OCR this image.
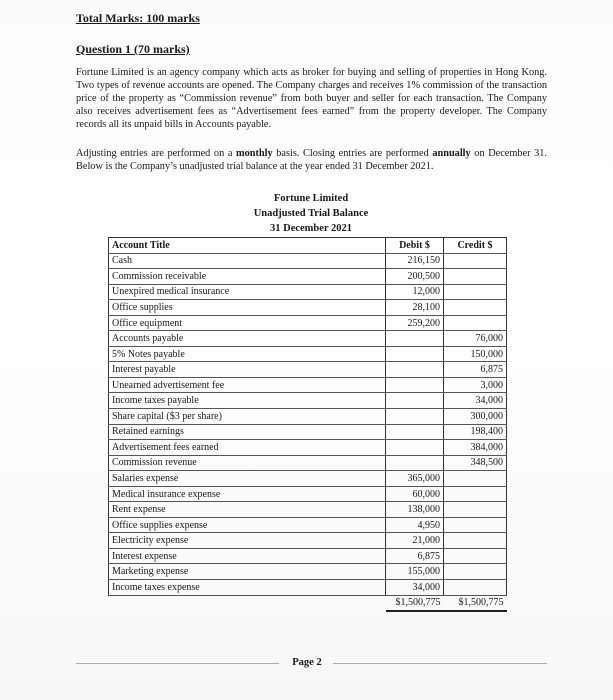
Total Marks: 100 marks
Question 1 (70 marks)
Fortune Limited is an agency company which acts as broker for buying and selling of properties in Hong Kong. Two types of revenue accounts are opened. The Company charges and receives 1% commission of the transaction price of the property as “Commission revenue” from both buyer and seller for each transaction. The Company also receives advertisement fees as “Advertisement fees earned” from the property developer. The Company records all its unpaid bills in Accounts payable.
Adjusting entries are performed on a monthly basis. Closing entries are performed annually on December 31. Below is the Company’s unadjusted trial balance at the year ended 31 December 2021.
Fortune Limited
Unadjusted Trial Balance
31 December 2021
Account Title	Debit $	Credit $
Cash	216,150	
Commission receivable	200,500	
Unexpired medical insurance	12,000	
Office supplies	28,100	
Office equipment	259,200	
Accounts payable		76,000
5% Notes payable		150,000
Interest payable		6,875
Unearned advertisement fee		3,000
Income taxes payable		34,000
Share capital ($3 per share)		300,000
Retained earnings		198,400
Advertisement fees earned		384,000
Commission revenue		348,500
Salaries expense	365,000	
Medical insurance expense	60,000	
Rent expense	138,000	
Office supplies expense	4,950	
Electricity expense	21,000	
Interest expense	6,875	
Marketing expense	155,000	
Income taxes expense	34,000	
	$1,500,775	$1,500,775
Page 2
